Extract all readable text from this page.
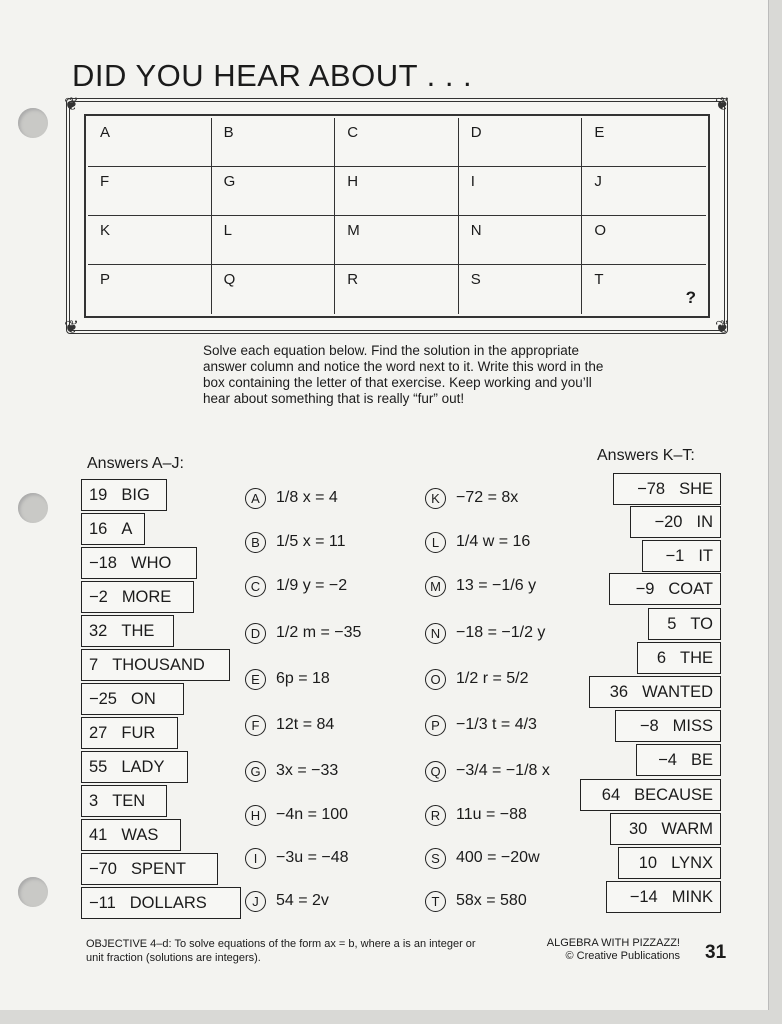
DID YOU HEAR ABOUT . . .
❦	❦
❦	❦
A	B	C	D	E
F	G	H	I	J
K	L	M	N	O
P	Q	R	S	T
?
Solve each equation below. Find the solution in the appropriate answer column and notice the word next to it. Write this word in the box containing the letter of that exercise. Keep working and you’ll hear about something that is really “fur” out!
Answers A–J:	Answers K–T:
19 BIG
16 A
−18 WHO
−2 MORE
32 THE
7 THOUSAND
−25 ON
27 FUR
55 LADY
3 TEN
41 WAS
−70 SPENT
−11 DOLLARS
−78 SHE
−20 IN
−1 IT
−9 COAT
5 TO
6 THE
36 WANTED
−8 MISS
−4 BE
64 BECAUSE
30 WARM
10 LYNX
−14 MINK
A	1/8 x = 4
B	1/5 x = 11
C 1/9 y = −2
D 1/2 m = −35
E	6p = 18
F	12t = 84
G 3x = −33
H −4n = 100
I	−3u = −48
J	54 = 2v
K	−72 = 8x
L	1/4 w = 16
M 13 = −1/6 y
N −18 = −1/2 y
O 1/2 r = 5/2
P	−1/3 t = 4/3
Q −3/4 = −1/8 x
R 11u = −88
S	400 = −20w
T	58x = 580
OBJECTIVE 4–d: To solve equations of the form ax = b, where a is an integer or unit fraction (solutions are integers).
ALGEBRA WITH PIZZAZZ!
© Creative Publications 31
